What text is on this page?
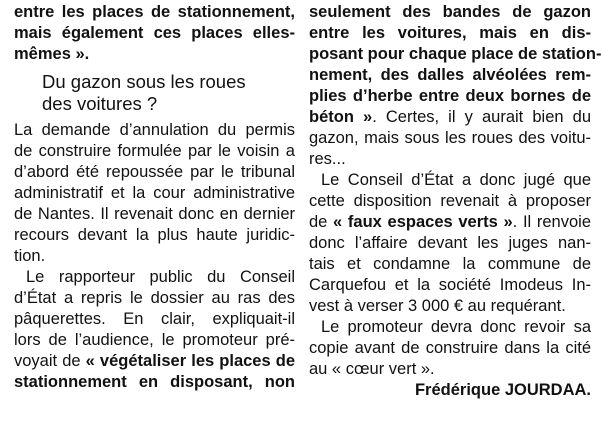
entre les places de stationnement,
mais également ces places elles-
mêmes ».
Du gazon sous les roues
des voitures ?
La demande d’annulation du permis
de construire formulée par le voisin a
d’abord été repoussée par le tribunal
administratif et la cour administrative
de Nantes. Il revenait donc en dernier
recours devant la plus haute juridic-
tion.
Le rapporteur public du Conseil
d’État a repris le dossier au ras des
pâquerettes. En clair, expliquait-il
lors de l’audience, le promoteur pré-
voyait de « végétaliser les places de
stationnement en disposant, non
seulement des bandes de gazon
entre les voitures, mais en dis-
posant pour chaque place de station-
nement, des dalles alvéolées rem-
plies d’herbe entre deux bornes de
béton ». Certes, il y aurait bien du
gazon, mais sous les roues des voitu-
res...
Le Conseil d’État a donc jugé que
cette disposition revenait à proposer
de « faux espaces verts ». Il renvoie
donc l’affaire devant les juges nan-
tais et condamne la commune de
Carquefou et la société Imodeus In-
vest à verser 3 000 € au requérant.
Le promoteur devra donc revoir sa
copie avant de construire dans la cité
au « cœur vert ».
Frédérique JOURDAA.
